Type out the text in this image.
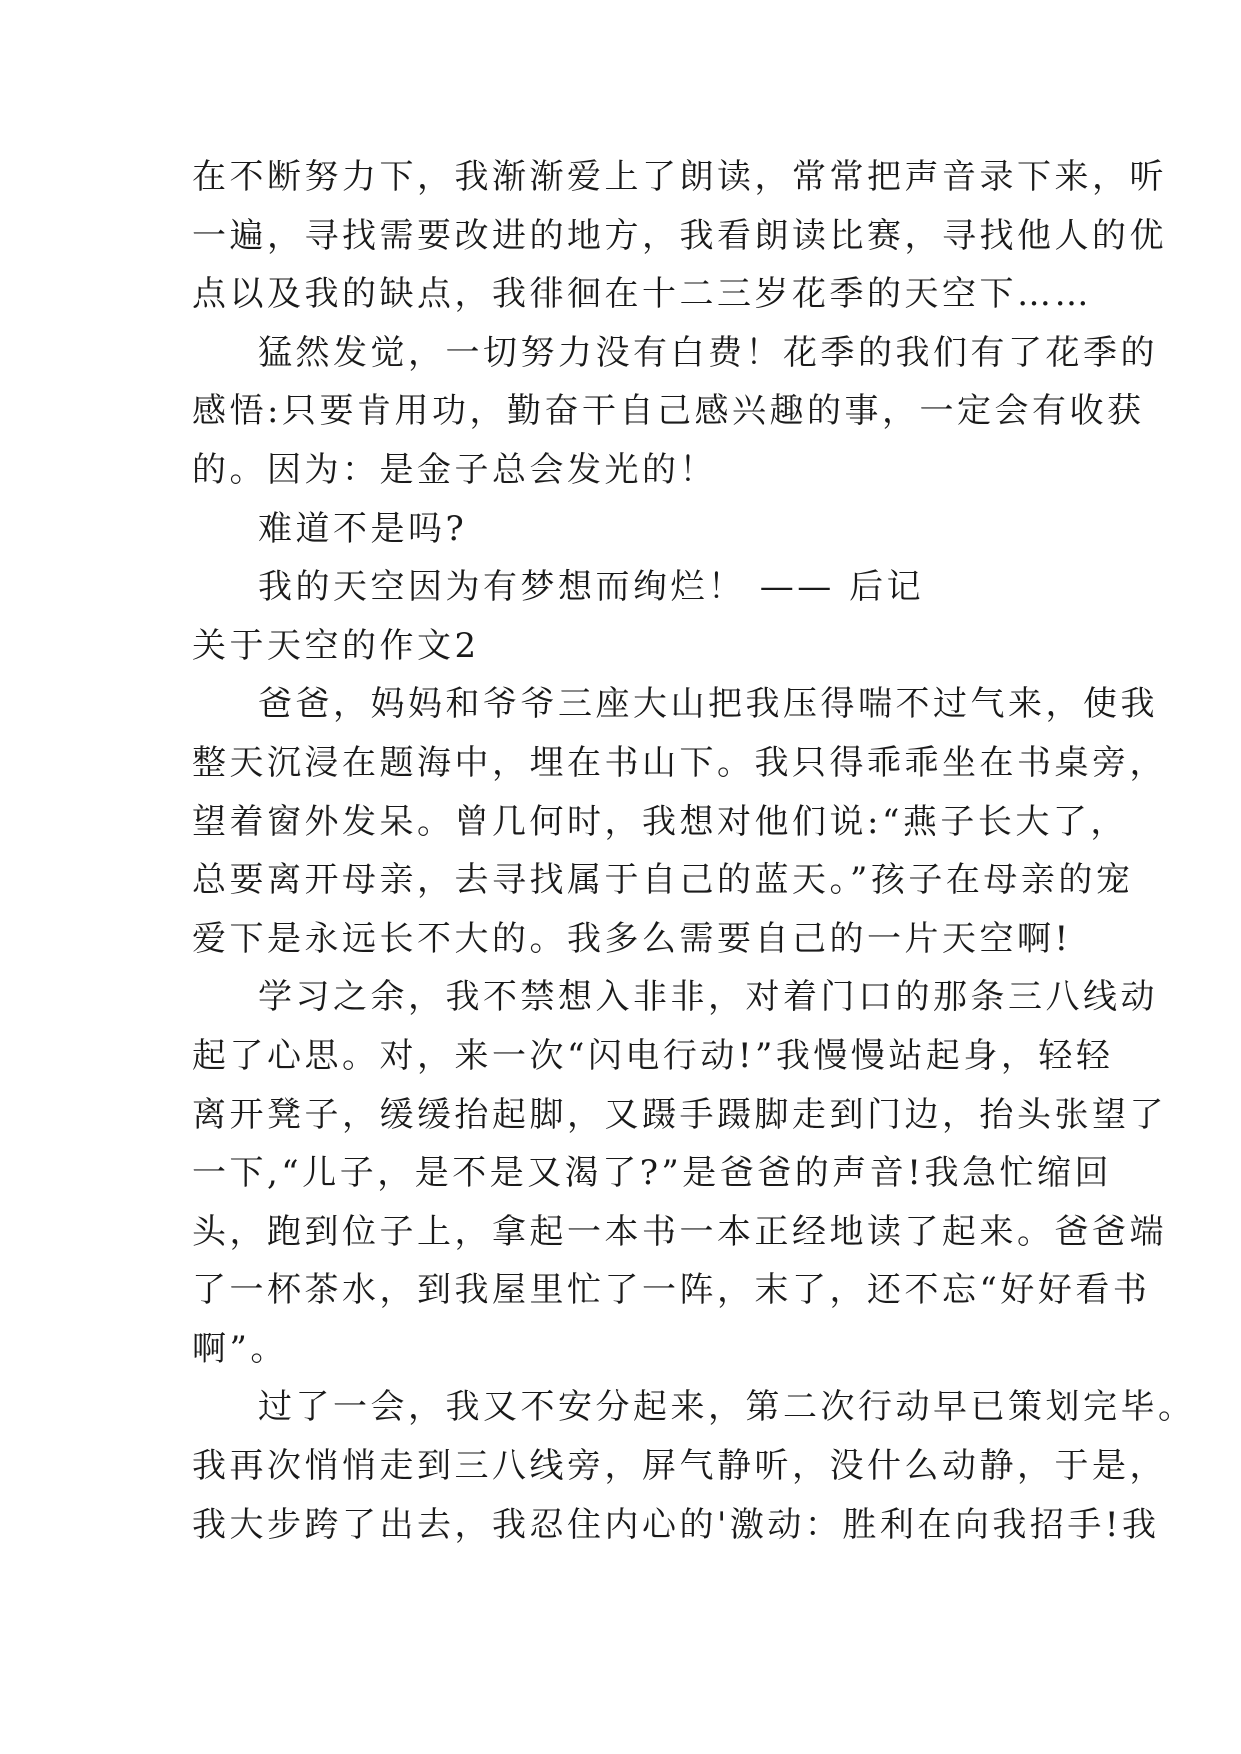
在不断努力下，我渐渐爱上了朗读，常常把声音录下来，听
一遍，寻找需要改进的地方，我看朗读比赛，寻找他人的优
点以及我的缺点，我徘徊在十二三岁花季的天空下……
猛然发觉，一切努力没有白费！花季的我们有了花季的
感悟:只要肯用功，勤奋干自己感兴趣的事，一定会有收获
的。因为：是金子总会发光的！
难道不是吗?
我的天空因为有梦想而绚烂！ —— 后记
关于天空的作文2
爸爸，妈妈和爷爷三座大山把我压得喘不过气来，使我
整天沉浸在题海中，埋在书山下。我只得乖乖坐在书桌旁，
望着窗外发呆。曾几何时，我想对他们说:“燕子长大了，
总要离开母亲，去寻找属于自己的蓝天。”孩子在母亲的宠
爱下是永远长不大的。我多么需要自己的一片天空啊!
学习之余，我不禁想入非非，对着门口的那条三八线动
起了心思。对，来一次“闪电行动!”我慢慢站起身，轻轻
离开凳子，缓缓抬起脚，又蹑手蹑脚走到门边，抬头张望了
一下,“儿子，是不是又渴了?”是爸爸的声音!我急忙缩回
头，跑到位子上，拿起一本书一本正经地读了起来。爸爸端
了一杯茶水，到我屋里忙了一阵，末了，还不忘“好好看书
啊”。
过了一会，我又不安分起来，第二次行动早已策划完毕。
我再次悄悄走到三八线旁，屏气静听，没什么动静，于是，
我大步跨了出去，我忍住内心的'激动：胜利在向我招手!我
